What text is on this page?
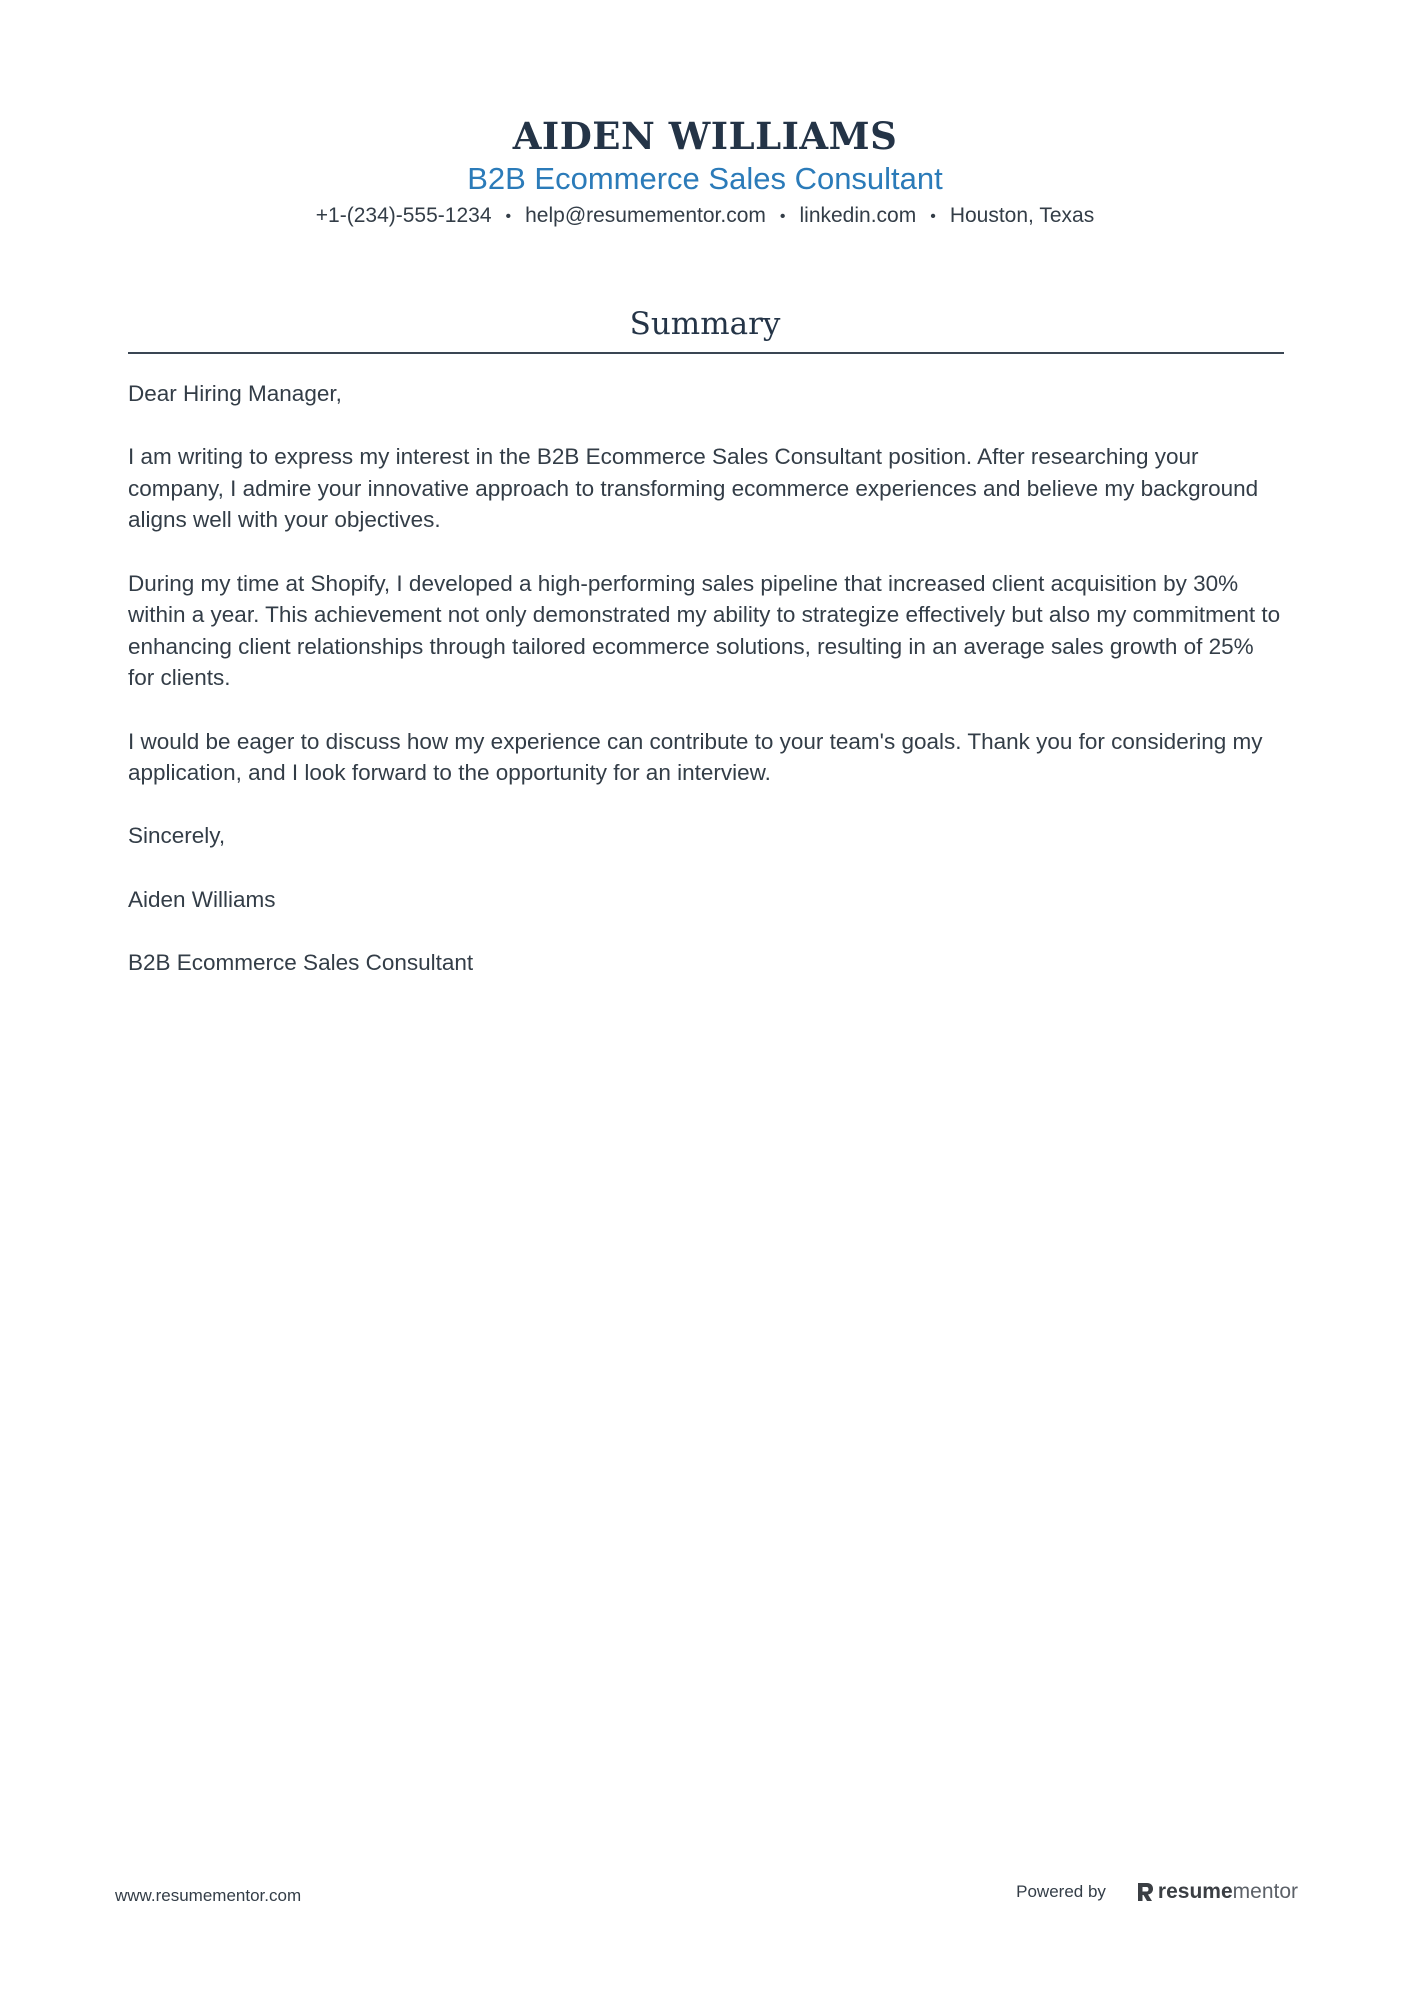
AIDEN WILLIAMS
B2B Ecommerce Sales Consultant
+1-(234)-555-1234 • help@resumementor.com • linkedin.com • Houston, Texas
Summary

Dear Hiring Manager,

I am writing to express my interest in the B2B Ecommerce Sales Consultant position. After researching your company, I admire your innovative approach to transforming ecommerce experiences and believe my background aligns well with your objectives.

During my time at Shopify, I developed a high-performing sales pipeline that increased client acquisition by 30% within a year. This achievement not only demonstrated my ability to strategize effectively but also my commitment to enhancing client relationships through tailored ecommerce solutions, resulting in an average sales growth of 25% for clients.

I would be eager to discuss how my experience can contribute to your team's goals. Thank you for considering my application, and I look forward to the opportunity for an interview.

Sincerely,

Aiden Williams

B2B Ecommerce Sales Consultant

www.resumementor.com	Powered by resume mentor
